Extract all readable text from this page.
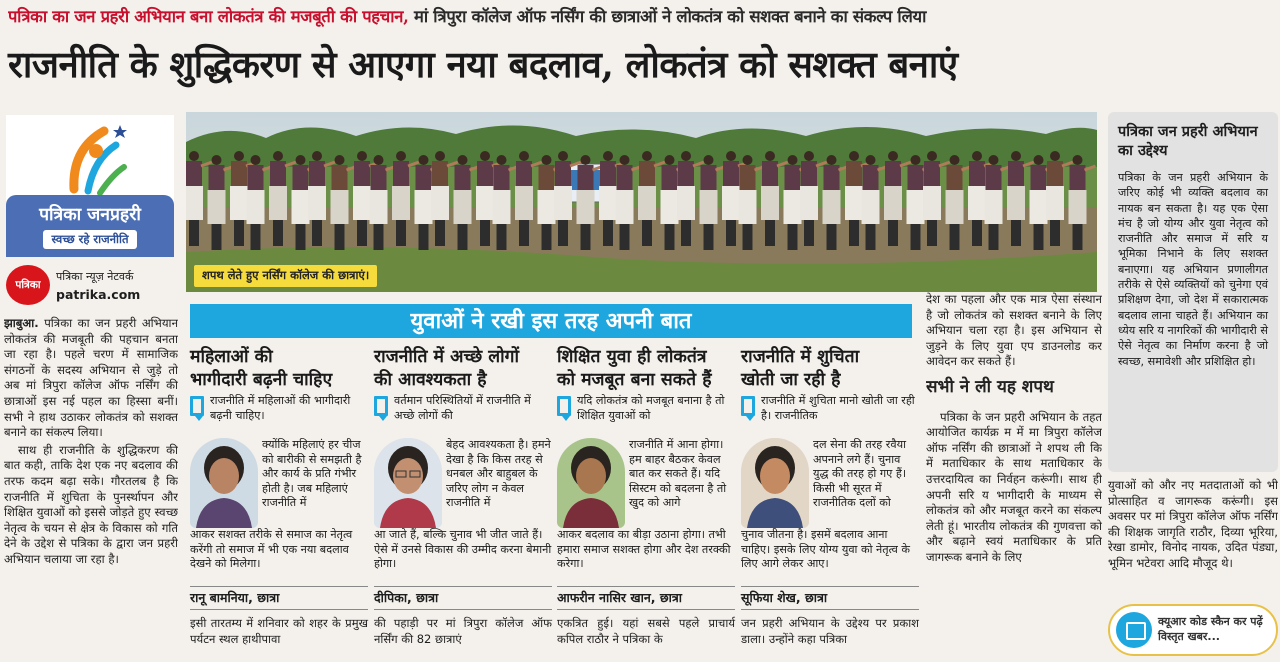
पत्रिका का जन प्रहरी अभियान बना लोकतंत्र की मजबूती की पहचान, मां त्रिपुरा कॉलेज ऑफ नर्सिंग की छात्राओं ने लोकतंत्र को सशक्त बनाने का संकल्प लिया
राजनीति के शुद्धिकरण से आएगा नया बदलाव, लोकतंत्र को सशक्त बनाएं
पत्रिका जनप्रहरी
स्वच्छ रहे राजनीति
पत्रिका
पत्रिका न्यूज़ नेटवर्क
patrika.com
शपथ लेते हुए नर्सिंग कॉलेज की छात्राएं।

झाबुआ. पत्रिका का जन प्रहरी अभियान लोकतंत्र की मजबूती की पहचान बनता जा रहा है। पहले चरण में सामाजिक संगठनों के सदस्य अभियान से जुड़े तो अब मां त्रिपुरा कॉलेज ऑफ नर्सिंग की छात्राओं इस नई पहल का हिस्सा बनीं। सभी ने हाथ उठाकर लोकतंत्र को सशक्त बनाने का संकल्प लिया।

साथ ही राजनीति के शुद्धिकरण की बात कही, ताकि देश एक नए बदलाव की तरफ कदम बढ़ा सके। गौरतलब है कि राजनीति में शुचिता के पुनर्स्थापन और शिक्षित युवाओं को इससे जोड़ते हुए स्वच्छ नेतृत्व के चयन से क्षेत्र के विकास को गति देने के उद्देश से पत्रिका के द्वारा जन प्रहरी अभियान चलाया जा रहा है।

युवाओं ने रखी इस तरह अपनी बात
महिलाओं की
भागीदारी बढ़नी चाहिए
राजनीति में महिलाओं की भागीदारी बढ़नी चाहिए।
क्योंकि महिलाएं हर चीज को बारीकी से समझती है और कार्य के प्रति गंभीर होती है। जब महिलाएं राजनीति में
आकर सशक्त तरीके से समाज का नेतृत्व करेंगी तो समाज में भी एक नया बदलाव देखने को मिलेगा।
रानू बामनिया, छात्रा
इसी तारतम्य में शनिवार को शहर के प्रमुख पर्यटन स्थल हाथीपावा
राजनीति में अच्छे लोगों
की आवश्यकता है
वर्तमान परिस्थितियों में राजनीति में अच्छे लोगों की
बेहद आवश्यकता है। हमने देखा है कि किस तरह से धनबल और बाहुबल के जरिए लोग न केवल राजनीति में
आ जाते हैं, बल्कि चुनाव भी जीत जाते हैं। ऐसे में उनसे विकास की उम्मीद करना बेमानी होगा।
दीपिका, छात्रा
की पहाड़ी पर मां त्रिपुरा कॉलेज ऑफ नर्सिंग की 82 छात्राएं
शिक्षित युवा ही लोकतंत्र
को मजबूत बना सकते हैं
यदि लोकतंत्र को मजबूत बनाना है तो शिक्षित युवाओं को
राजनीति में आना होगा। हम बाहर बैठकर केवल बात कर सकते हैं। यदि सिस्टम को बदलना है तो खुद को आगे
आकर बदलाव का बीड़ा उठाना होगा। तभी हमारा समाज सशक्त होगा और देश तरक्की करेगा।
आफरीन नासिर खान, छात्रा
एकत्रित हुई। यहां सबसे पहले प्राचार्य कपिल राठौर ने पत्रिका के
राजनीति में शुचिता
खोती जा रही है
राजनीति में शुचिता मानो खोती जा रही है। राजनीतिक
दल सेना की तरह रवैया अपनाने लगे हैं। चुनाव युद्ध की तरह हो गए हैं। किसी भी सूरत में राजनीतिक दलों को
चुनाव जीतना है। इसमें बदलाव आना चाहिए। इसके लिए योग्य युवा को नेतृत्व के लिए आगे लेकर आए।
सूफिया शेख, छात्रा
जन प्रहरी अभियान के उद्देश्य पर प्रकाश डाला। उन्होंने कहा पत्रिका

देश का पहला और एक मात्र ऐसा संस्थान है जो लोकतंत्र को सशक्त बनाने के लिए अभियान चला रहा है। इस अभियान से जुड़ने के लिए युवा एप डाउनलोड कर आवेदन कर सकते हैं।

सभी ने ली यह शपथ

पत्रिका के जन प्रहरी अभियान के तहत आयोजित कार्यक्र म में मा त्रिपुरा कॉलेज ऑफ नर्सिंग की छात्राओं ने शपथ ली कि में मताधिकार के साथ मताधिकार के उत्तरदायित्व का निर्वहन करूंगी। साथ ही अपनी सरि य भागीदारी के माध्यम से लोकतंत्र को और मजबूत करने का संकल्प लेती हूं। भारतीय लोकतंत्र की गुणवत्ता को और बढ़ाने स्वयं मताधिकार के प्रति जागरूक बनाने के लिए

पत्रिका जन प्रहरी अभियान का उद्देश्य

पत्रिका के जन प्रहरी अभियान के जरिए कोई भी व्यक्ति बदलाव का नायक बन सकता है। यह एक ऐसा मंच है जो योग्य और युवा नेतृत्व को राजनीति और समाज में सरि य भूमिका निभाने के लिए सशक्त बनाएगा। यह अभियान प्रणालीगत तरीके से ऐसे व्यक्तियों को चुनेगा एवं प्रशिक्षण देगा, जो देश में सकारात्मक बदलाव लाना चाहते हैं। अभियान का ध्येय सरि य नागरिकों की भागीदारी से ऐसे नेतृत्व का निर्माण करना है जो स्वच्छ, समावेशी और प्रशिक्षित हो।

युवाओं को और नए मतदाताओं को भी प्रोत्साहित व जागरूक करूंगी। इस अवसर पर मां त्रिपुरा कॉलेज ऑफ नर्सिंग की शिक्षक जागृति राठौर, दिव्या भूरिया, रेखा डामोर, विनोद नायक, उदित पंड्या, भूमिन भटेवरा आदि मौजूद थे।

क्यूआर कोड स्कैन कर पढ़ें विस्तृत खबर...
